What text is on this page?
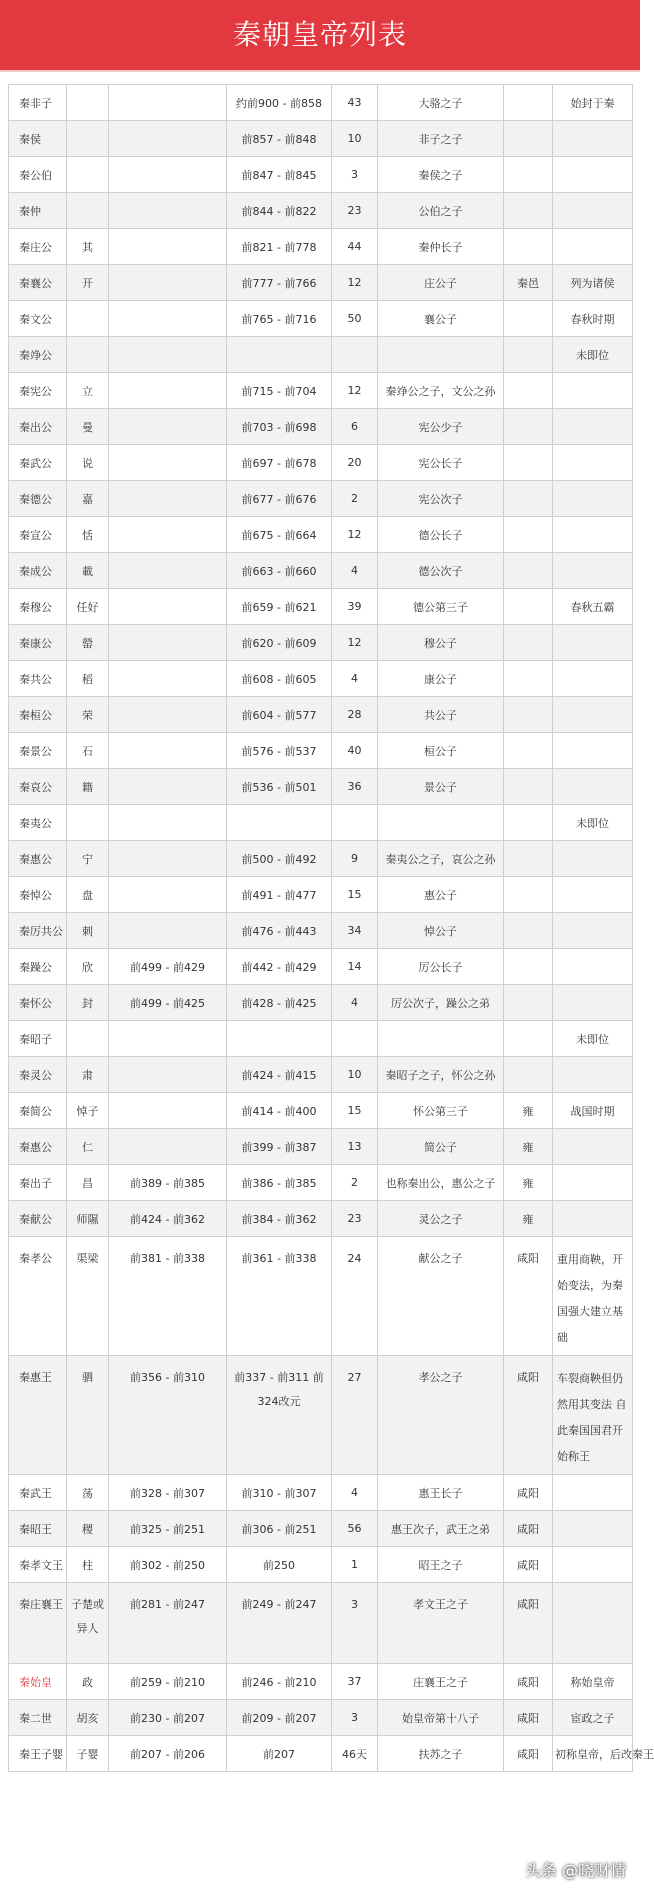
秦朝皇帝列表
秦非子			约前900 - 前858	43	大骆之子		始封于秦
秦侯			前857 - 前848	10	非子之子		
秦公伯			前847 - 前845	3	秦侯之子		
秦仲			前844 - 前822	23	公伯之子		
秦庄公	其		前821 - 前778	44	秦仲长子		
秦襄公	开		前777 - 前766	12	庄公子	秦邑	列为诸侯
秦文公			前765 - 前716	50	襄公子		春秋时期
秦竫公							未即位
秦宪公	立		前715 - 前704	12	秦竫公之子，文公之孙		
秦出公	曼		前703 - 前698	6	宪公少子		
秦武公	说		前697 - 前678	20	宪公长子		
秦德公	嘉		前677 - 前676	2	宪公次子		
秦宣公	恬		前675 - 前664	12	德公长子		
秦成公	載		前663 - 前660	4	德公次子		
秦穆公	任好		前659 - 前621	39	德公第三子		春秋五霸
秦康公	罃		前620 - 前609	12	穆公子		
秦共公	稻		前608 - 前605	4	康公子		
秦桓公	荣		前604 - 前577	28	共公子		
秦景公	石		前576 - 前537	40	桓公子		
秦哀公	籍		前536 - 前501	36	景公子		
秦夷公							未即位
秦惠公	宁		前500 - 前492	9	秦夷公之子，哀公之孙		
秦悼公	盘		前491 - 前477	15	惠公子		
秦厉共公	刺		前476 - 前443	34	悼公子		
秦躁公	欣	前499 - 前429	前442 - 前429	14	厉公长子		
秦怀公	封	前499 - 前425	前428 - 前425	4	厉公次子，躁公之弟		
秦昭子							未即位
秦灵公	肃		前424 - 前415	10	秦昭子之子，怀公之孙		
秦简公	悼子		前414 - 前400	15	怀公第三子	雍	战国时期
秦惠公	仁		前399 - 前387	13	简公子	雍	
秦出子	昌	前389 - 前385	前386 - 前385	2	也称秦出公，惠公之子	雍	
秦献公	师隰	前424 - 前362	前384 - 前362	23	灵公之子	雍	
秦孝公	渠梁	前381 - 前338	前361 - 前338	24	献公之子	咸阳	重用商鞅，开始变法，为秦国强大建立基础
秦惠王	驷	前356 - 前310	前337 - 前311 前324改元	27	孝公之子	咸阳	车裂商鞅但仍然用其变法 自此秦国国君开始称王
秦武王	荡	前328 - 前307	前310 - 前307	4	惠王长子	咸阳	
秦昭王	稷	前325 - 前251	前306 - 前251	56	惠王次子，武王之弟	咸阳	
秦孝文王	柱	前302 - 前250	前250	1	昭王之子	咸阳	
秦庄襄王	子楚或异人	前281 - 前247	前249 - 前247	3	孝文王之子	咸阳	
秦始皇	政	前259 - 前210	前246 - 前210	37	庄襄王之子	咸阳	称始皇帝
秦二世	胡亥	前230 - 前207	前209 - 前207	3	始皇帝第十八子	咸阳	宦政之子
秦王子婴	子婴	前207 - 前206	前207	46天	扶苏之子	咸阳	初称皇帝，后改秦王
头条 @晓财情
